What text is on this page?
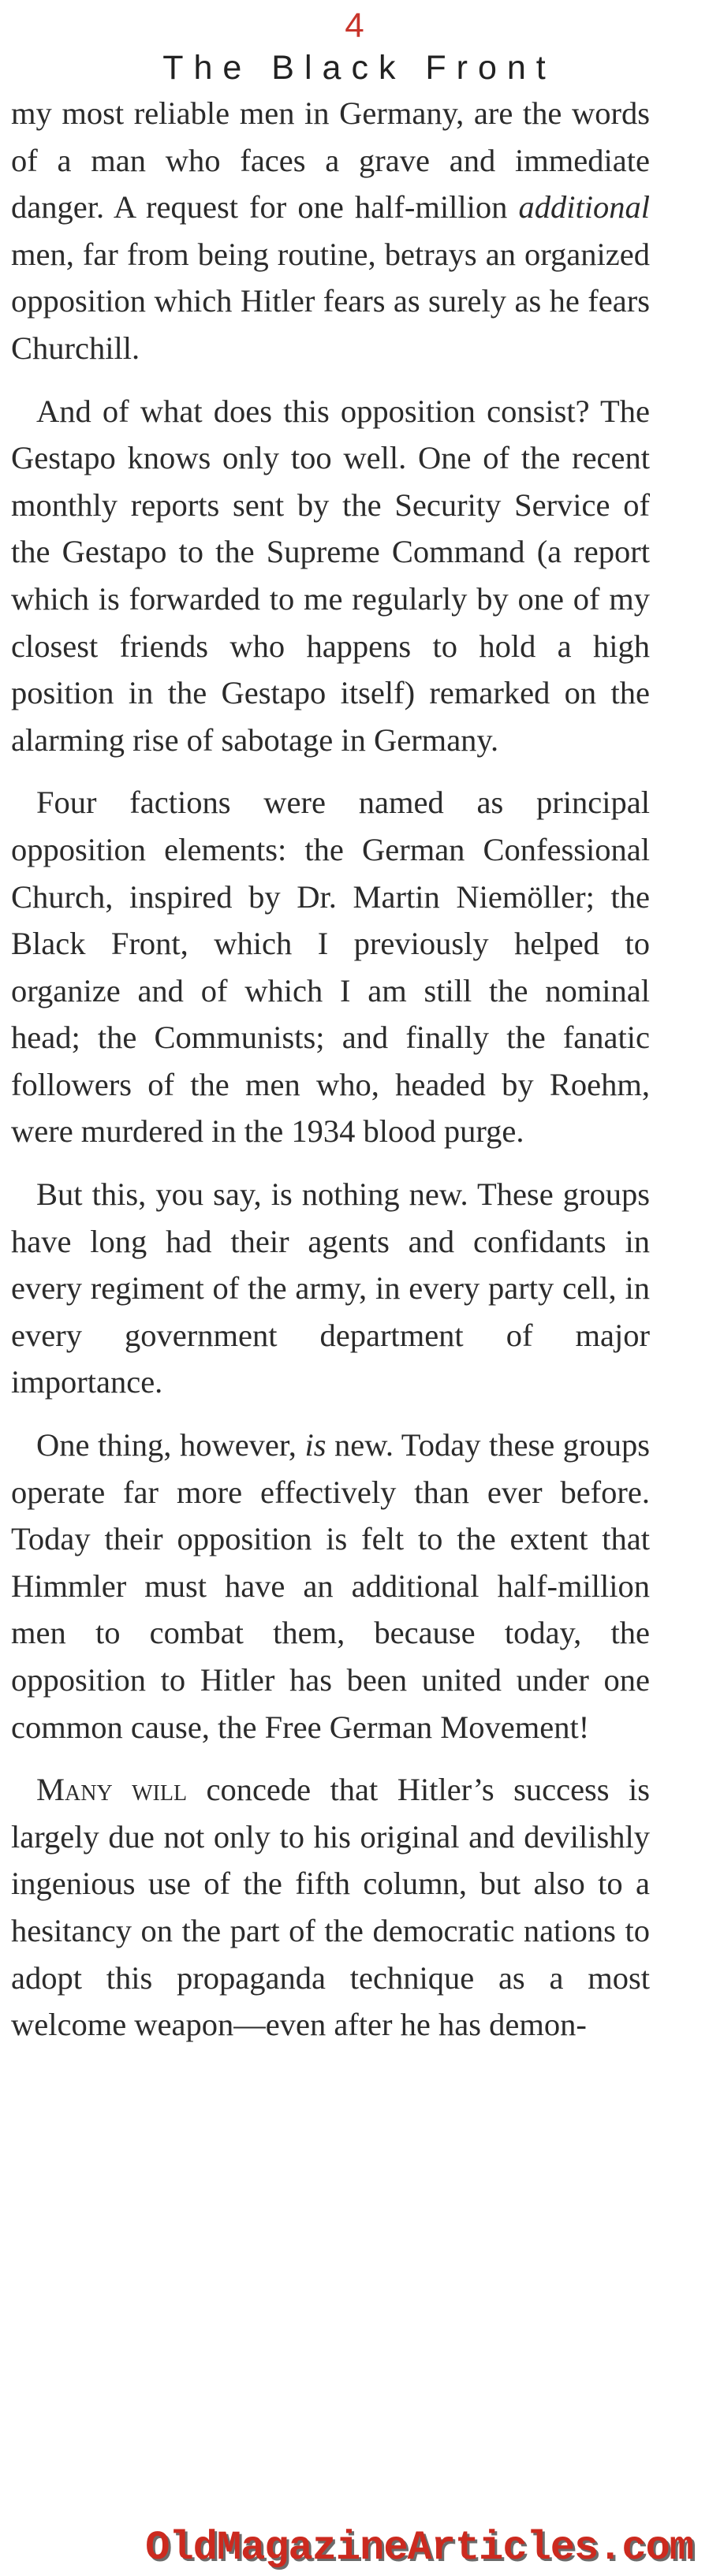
4
The Black Front

my most reliable men in Germany, are the words of a man who faces a grave and immediate danger. A request for one half-million additional men, far from being routine, betrays an organized opposition which Hitler fears as surely as he fears Churchill.

And of what does this opposition consist? The Gestapo knows only too well. One of the recent monthly reports sent by the Security Service of the Gestapo to the Supreme Command (a report which is forwarded to me regularly by one of my closest friends who happens to hold a high position in the Gestapo itself) remarked on the alarming rise of sabotage in Germany.

Four factions were named as principal opposition elements: the German Confessional Church, inspired by Dr. Martin Niemöller; the Black Front, which I previously helped to organize and of which I am still the nominal head; the Communists; and finally the fanatic followers of the men who, headed by Roehm, were murdered in the 1934 blood purge.

But this, you say, is nothing new. These groups have long had their agents and confidants in every regiment of the army, in every party cell, in every government department of major importance.

One thing, however, is new. Today these groups operate far more effectively than ever before. Today their opposition is felt to the extent that Himmler must have an additional half-million men to combat them, because today, the opposition to Hitler has been united under one common cause, the Free German Movement!

Many will concede that Hitler’s success is largely due not only to his original and devilishly ingenious use of the fifth column, but also to a hesitancy on the part of the democratic nations to adopt this propaganda technique as a most welcome weapon—even after he has demon-

OldMagazineArticles.com
